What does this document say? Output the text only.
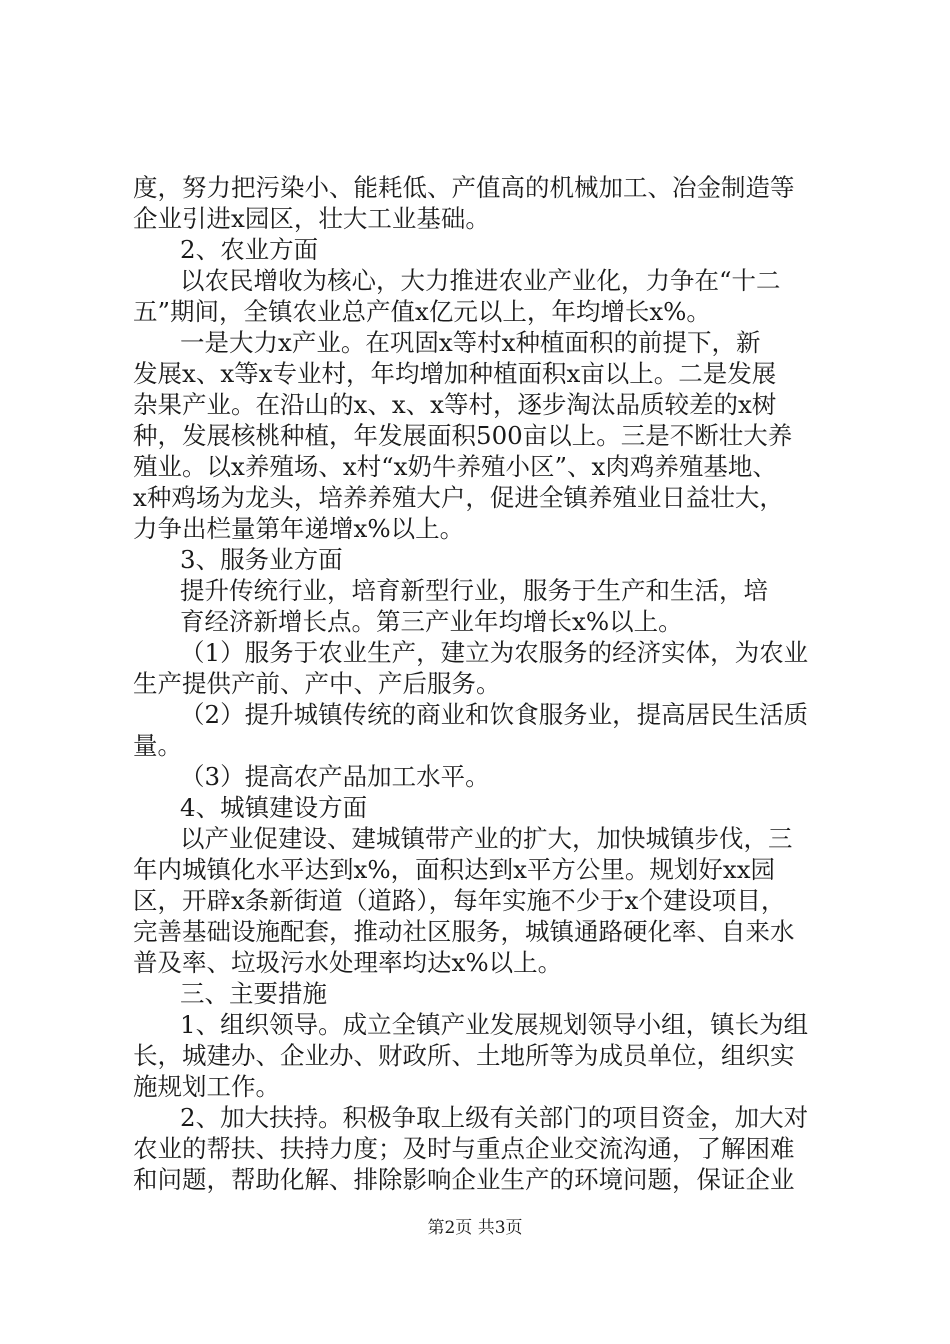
度，努力把污染小、能耗低、产值高的机械加工、冶金制造等
企业引进x园区，壮大工业基础。
2、农业方面
以农民增收为核心，大力推进农业产业化，力争在“十二
五”期间，全镇农业总产值x亿元以上，年均增长x%。
一是大力x产业。在巩固x等村x种植面积的前提下，新
发展x、x等x专业村，年均增加种植面积x亩以上。二是发展
杂果产业。在沿山的x、x、x等村，逐步淘汰品质较差的x树
种，发展核桃种植，年发展面积500亩以上。三是不断壮大养
殖业。以x养殖场、x村“x奶牛养殖小区”、x肉鸡养殖基地、
x种鸡场为龙头，培养养殖大户，促进全镇养殖业日益壮大，
力争出栏量第年递增x%以上。
3、服务业方面
提升传统行业，培育新型行业，服务于生产和生活，培
育经济新增长点。第三产业年均增长x%以上。
（1）服务于农业生产，建立为农服务的经济实体，为农业
生产提供产前、产中、产后服务。
（2）提升城镇传统的商业和饮食服务业，提高居民生活质
量。
（3）提高农产品加工水平。
4、城镇建设方面
以产业促建设、建城镇带产业的扩大，加快城镇步伐，三
年内城镇化水平达到x%，面积达到x平方公里。规划好xx园
区，开辟x条新街道（道路），每年实施不少于x个建设项目，
完善基础设施配套，推动社区服务，城镇通路硬化率、自来水
普及率、垃圾污水处理率均达x%以上。
三、主要措施
1、组织领导。成立全镇产业发展规划领导小组，镇长为组
长，城建办、企业办、财政所、土地所等为成员单位，组织实
施规划工作。
2、加大扶持。积极争取上级有关部门的项目资金，加大对
农业的帮扶、扶持力度；及时与重点企业交流沟通，了解困难
和问题，帮助化解、排除影响企业生产的环境问题，保证企业
第2页 共3页
